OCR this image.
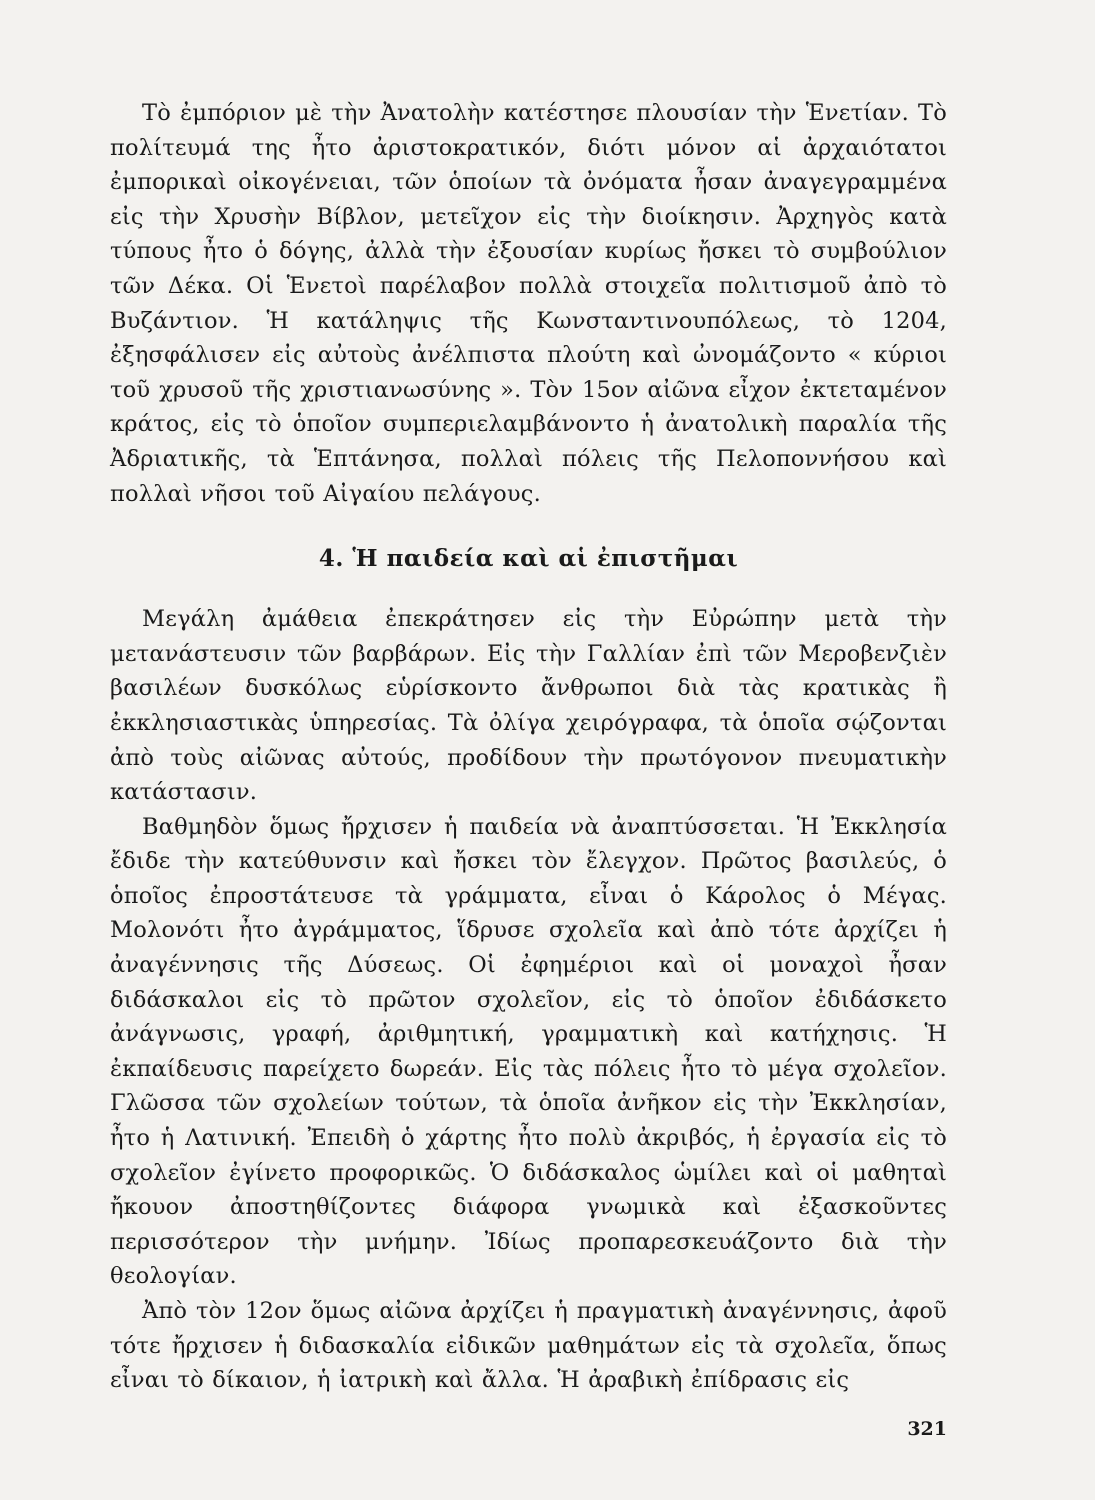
Τὸ ἐμπόριον μὲ τὴν Ἀνατολὴν κατέστησε πλουσίαν τὴν Ἑνετίαν. Τὸ πολίτευμά της ἦτο ἀριστοκρατικόν, διότι μόνον αἱ ἀρχαιότατοι ἐμπορικαὶ οἰκογένειαι, τῶν ὁποίων τὰ ὀνόματα ἦσαν ἀναγεγραμμένα εἰς τὴν Χρυσὴν Βίβλον, μετεῖχον εἰς τὴν διοίκησιν. Ἀρχηγὸς κατὰ τύπους ἦτο ὁ δόγης, ἀλλὰ τὴν ἐξουσίαν κυρίως ἤσκει τὸ συμβούλιον τῶν Δέκα. Οἱ Ἑνετοὶ παρέλαβον πολλὰ στοιχεῖα πολιτισμοῦ ἀπὸ τὸ Βυζάντιον. Ἡ κατάληψις τῆς Κωνσταντινουπόλεως, τὸ 1204, ἐξησφάλισεν εἰς αὐτοὺς ἀνέλπιστα πλούτη καὶ ὠνομάζοντο « κύριοι τοῦ χρυσοῦ τῆς χριστιανωσύνης ». Τὸν 15ον αἰῶνα εἶχον ἐκτεταμένον κράτος, εἰς τὸ ὁποῖον συμπεριελαμβάνοντο ἡ ἀνατολικὴ παραλία τῆς Ἀδριατικῆς, τὰ Ἑπτάνησα, πολλαὶ πόλεις τῆς Πελοποννήσου καὶ πολλαὶ νῆσοι τοῦ Αἰγαίου πελάγους.

4. Ἡ παιδεία καὶ αἱ ἐπιστῆμαι

Μεγάλη ἀμάθεια ἐπεκράτησεν εἰς τὴν Εὐρώπην μετὰ τὴν μετανάστευσιν τῶν βαρβάρων. Εἰς τὴν Γαλλίαν ἐπὶ τῶν Μεροβενζιὲν βασιλέων δυσκόλως εὑρίσκοντο ἄνθρωποι διὰ τὰς κρατικὰς ἢ ἐκκλησιαστικὰς ὑπηρεσίας. Τὰ ὀλίγα χειρόγραφα, τὰ ὁποῖα σῴζονται ἀπὸ τοὺς αἰῶνας αὐτούς, προδίδουν τὴν πρωτόγονον πνευματικὴν κατάστασιν.

Βαθμηδὸν ὅμως ἤρχισεν ἡ παιδεία νὰ ἀναπτύσσεται. Ἡ Ἐκκλησία ἔδιδε τὴν κατεύθυνσιν καὶ ἤσκει τὸν ἔλεγχον. Πρῶτος βασιλεύς, ὁ ὁποῖος ἐπροστάτευσε τὰ γράμματα, εἶναι ὁ Κάρολος ὁ Μέγας. Μολονότι ἦτο ἀγράμματος, ἵδρυσε σχολεῖα καὶ ἀπὸ τότε ἀρχίζει ἡ ἀναγέννησις τῆς Δύσεως. Οἱ ἐφημέριοι καὶ οἱ μοναχοὶ ἦσαν διδάσκαλοι εἰς τὸ πρῶτον σχολεῖον, εἰς τὸ ὁποῖον ἐδιδάσκετο ἀνάγνωσις, γραφή, ἀριθμητική, γραμματικὴ καὶ κατήχησις. Ἡ ἐκπαίδευσις παρείχετο δωρεάν. Εἰς τὰς πόλεις ἦτο τὸ μέγα σχολεῖον. Γλῶσσα τῶν σχολείων τούτων, τὰ ὁποῖα ἀνῆκον εἰς τὴν Ἐκκλησίαν, ἦτο ἡ Λατινική. Ἐπειδὴ ὁ χάρτης ἦτο πολὺ ἀκριβός, ἡ ἐργασία εἰς τὸ σχολεῖον ἐγίνετο προφορικῶς. Ὁ διδάσκαλος ὡμίλει καὶ οἱ μαθηταὶ ἤκουον ἀποστηθίζοντες διάφορα γνωμικὰ καὶ ἐξασκοῦντες περισσότερον τὴν μνήμην. Ἰδίως προπαρεσκευάζοντο διὰ τὴν θεολογίαν.

Ἀπὸ τὸν 12ον ὅμως αἰῶνα ἀρχίζει ἡ πραγματικὴ ἀναγέννησις, ἀφοῦ τότε ἤρχισεν ἡ διδασκαλία εἰδικῶν μαθημάτων εἰς τὰ σχολεῖα, ὅπως εἶναι τὸ δίκαιον, ἡ ἰατρικὴ καὶ ἄλλα. Ἡ ἀραβικὴ ἐπίδρασις εἰς

321
